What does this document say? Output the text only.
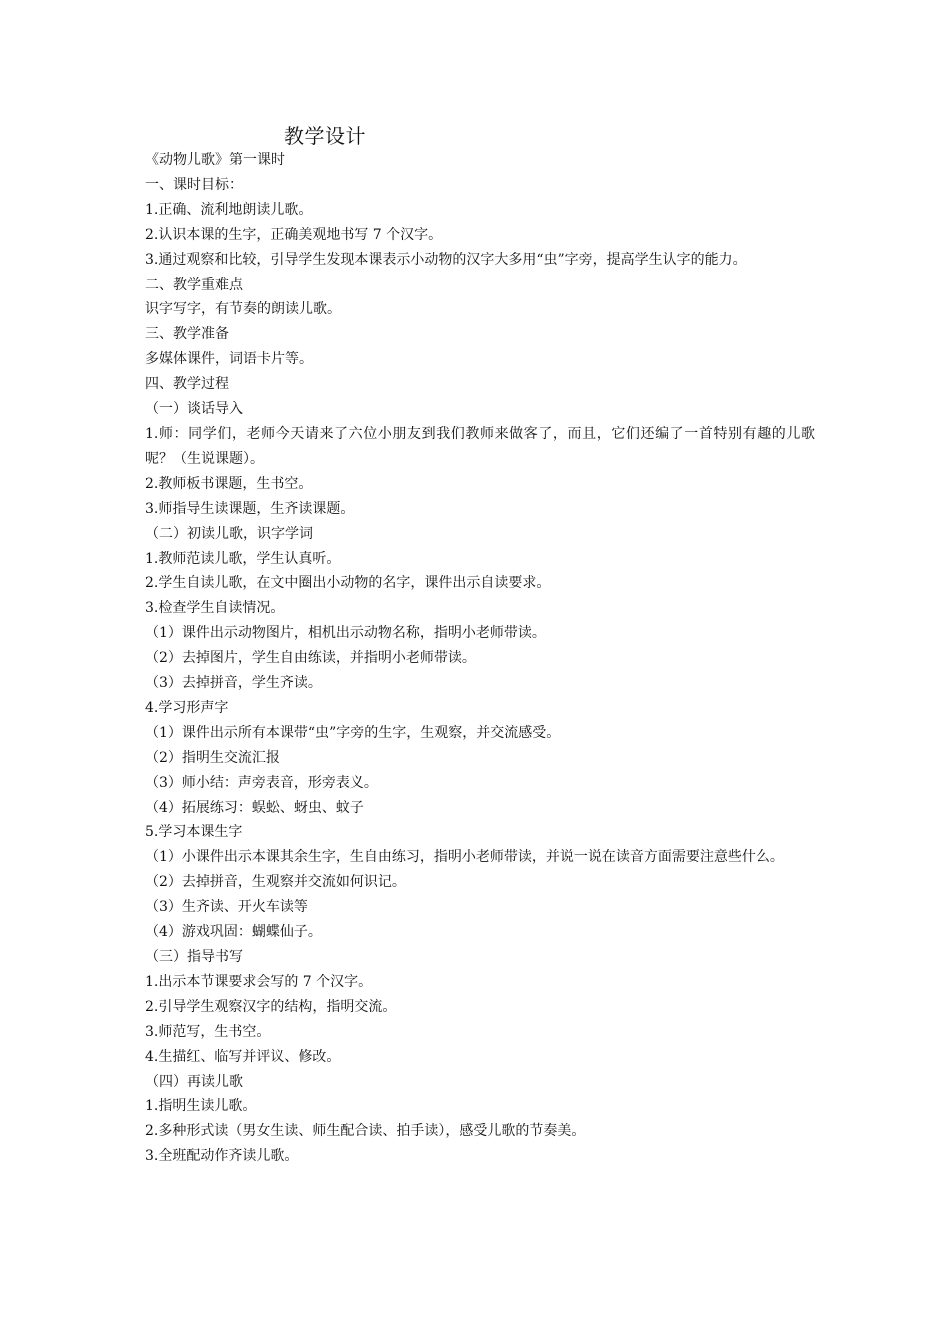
教学设计
《动物儿歌》第一课时
一、课时目标：
1.正确、流利地朗读儿歌。
2.认识本课的生字，正确美观地书写 7 个汉字。
3.通过观察和比较，引导学生发现本课表示小动物的汉字大多用“虫”字旁，提高学生认字的能力。
二、教学重难点
识字写字，有节奏的朗读儿歌。
三、教学准备
多媒体课件，词语卡片等。
四、教学过程
（一）谈话导入
1.师：同学们，老师今天请来了六位小朋友到我们教师来做客了，而且，它们还编了一首特别有趣的儿歌呢？（生说课题）。
2.教师板书课题，生书空。
3.师指导生读课题，生齐读课题。
（二）初读儿歌，识字学词
1.教师范读儿歌，学生认真听。
2.学生自读儿歌，在文中圈出小动物的名字，课件出示自读要求。
3.检查学生自读情况。
（1）课件出示动物图片，相机出示动物名称，指明小老师带读。
（2）去掉图片，学生自由练读，并指明小老师带读。
（3）去掉拼音，学生齐读。
4.学习形声字
（1）课件出示所有本课带“虫”字旁的生字，生观察，并交流感受。
（2）指明生交流汇报
（3）师小结：声旁表音，形旁表义。
（4）拓展练习：蜈蚣、蚜虫、蚊子
5.学习本课生字
（1）小课件出示本课其余生字，生自由练习，指明小老师带读，并说一说在读音方面需要注意些什么。
（2）去掉拼音，生观察并交流如何识记。
（3）生齐读、开火车读等
（4）游戏巩固：蝴蝶仙子。
（三）指导书写
1.出示本节课要求会写的 7 个汉字。
2.引导学生观察汉字的结构，指明交流。
3.师范写，生书空。
4.生描红、临写并评议、修改。
（四）再读儿歌
1.指明生读儿歌。
2.多种形式读（男女生读、师生配合读、拍手读），感受儿歌的节奏美。
3.全班配动作齐读儿歌。
